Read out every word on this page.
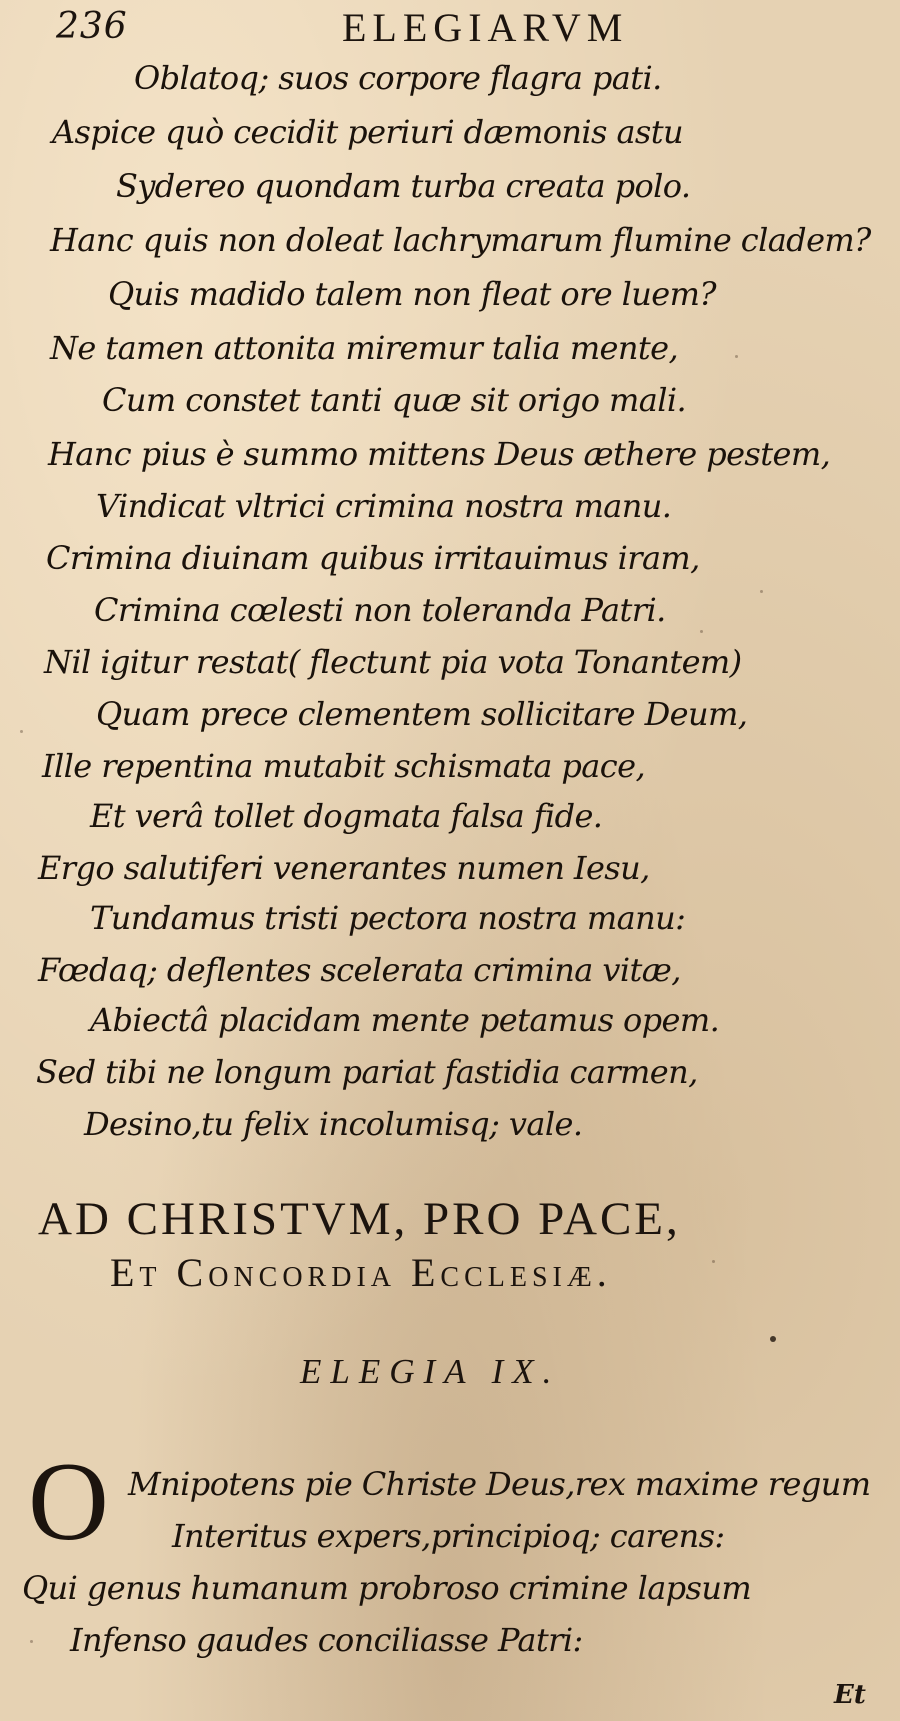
236	ELEGIARVM
Oblatoq; suos corpore flagra pati.
Aspice quò cecidit periuri dæmonis astu
Sydereo quondam turba creata polo.
Hanc quis non doleat lachrymarum flumine cladem?
Quis madido talem non fleat ore luem?
Ne tamen attonita miremur talia mente,
Cum constet tanti quæ sit origo mali.
Hanc pius è summo mittens Deus æthere pestem,
Vindicat vltrici crimina nostra manu.
Crimina diuinam quibus irritauimus iram,
Crimina cœlesti non toleranda Patri.
Nil igitur restat( flectunt pia vota Tonantem)
Quam prece clementem sollicitare Deum,
Ille repentina mutabit schismata pace,
Et verâ tollet dogmata falsa fide.
Ergo salutiferi venerantes numen Iesu,
Tundamus tristi pectora nostra manu:
Fœdaq; deflentes scelerata crimina vitæ,
Abiectâ placidam mente petamus opem.
Sed tibi ne longum pariat fastidia carmen,
Desino,tu felix incolumisq; vale.
AD CHRISTVM, PRO PACE,
Et Concordia Ecclesiæ.
ELEGIA IX.
O Mnipotens pie Christe Deus,rex maxime regum
Interitus expers,principioq; carens:
Qui genus humanum probroso crimine lapsum
Infenso gaudes conciliasse Patri:
Et
